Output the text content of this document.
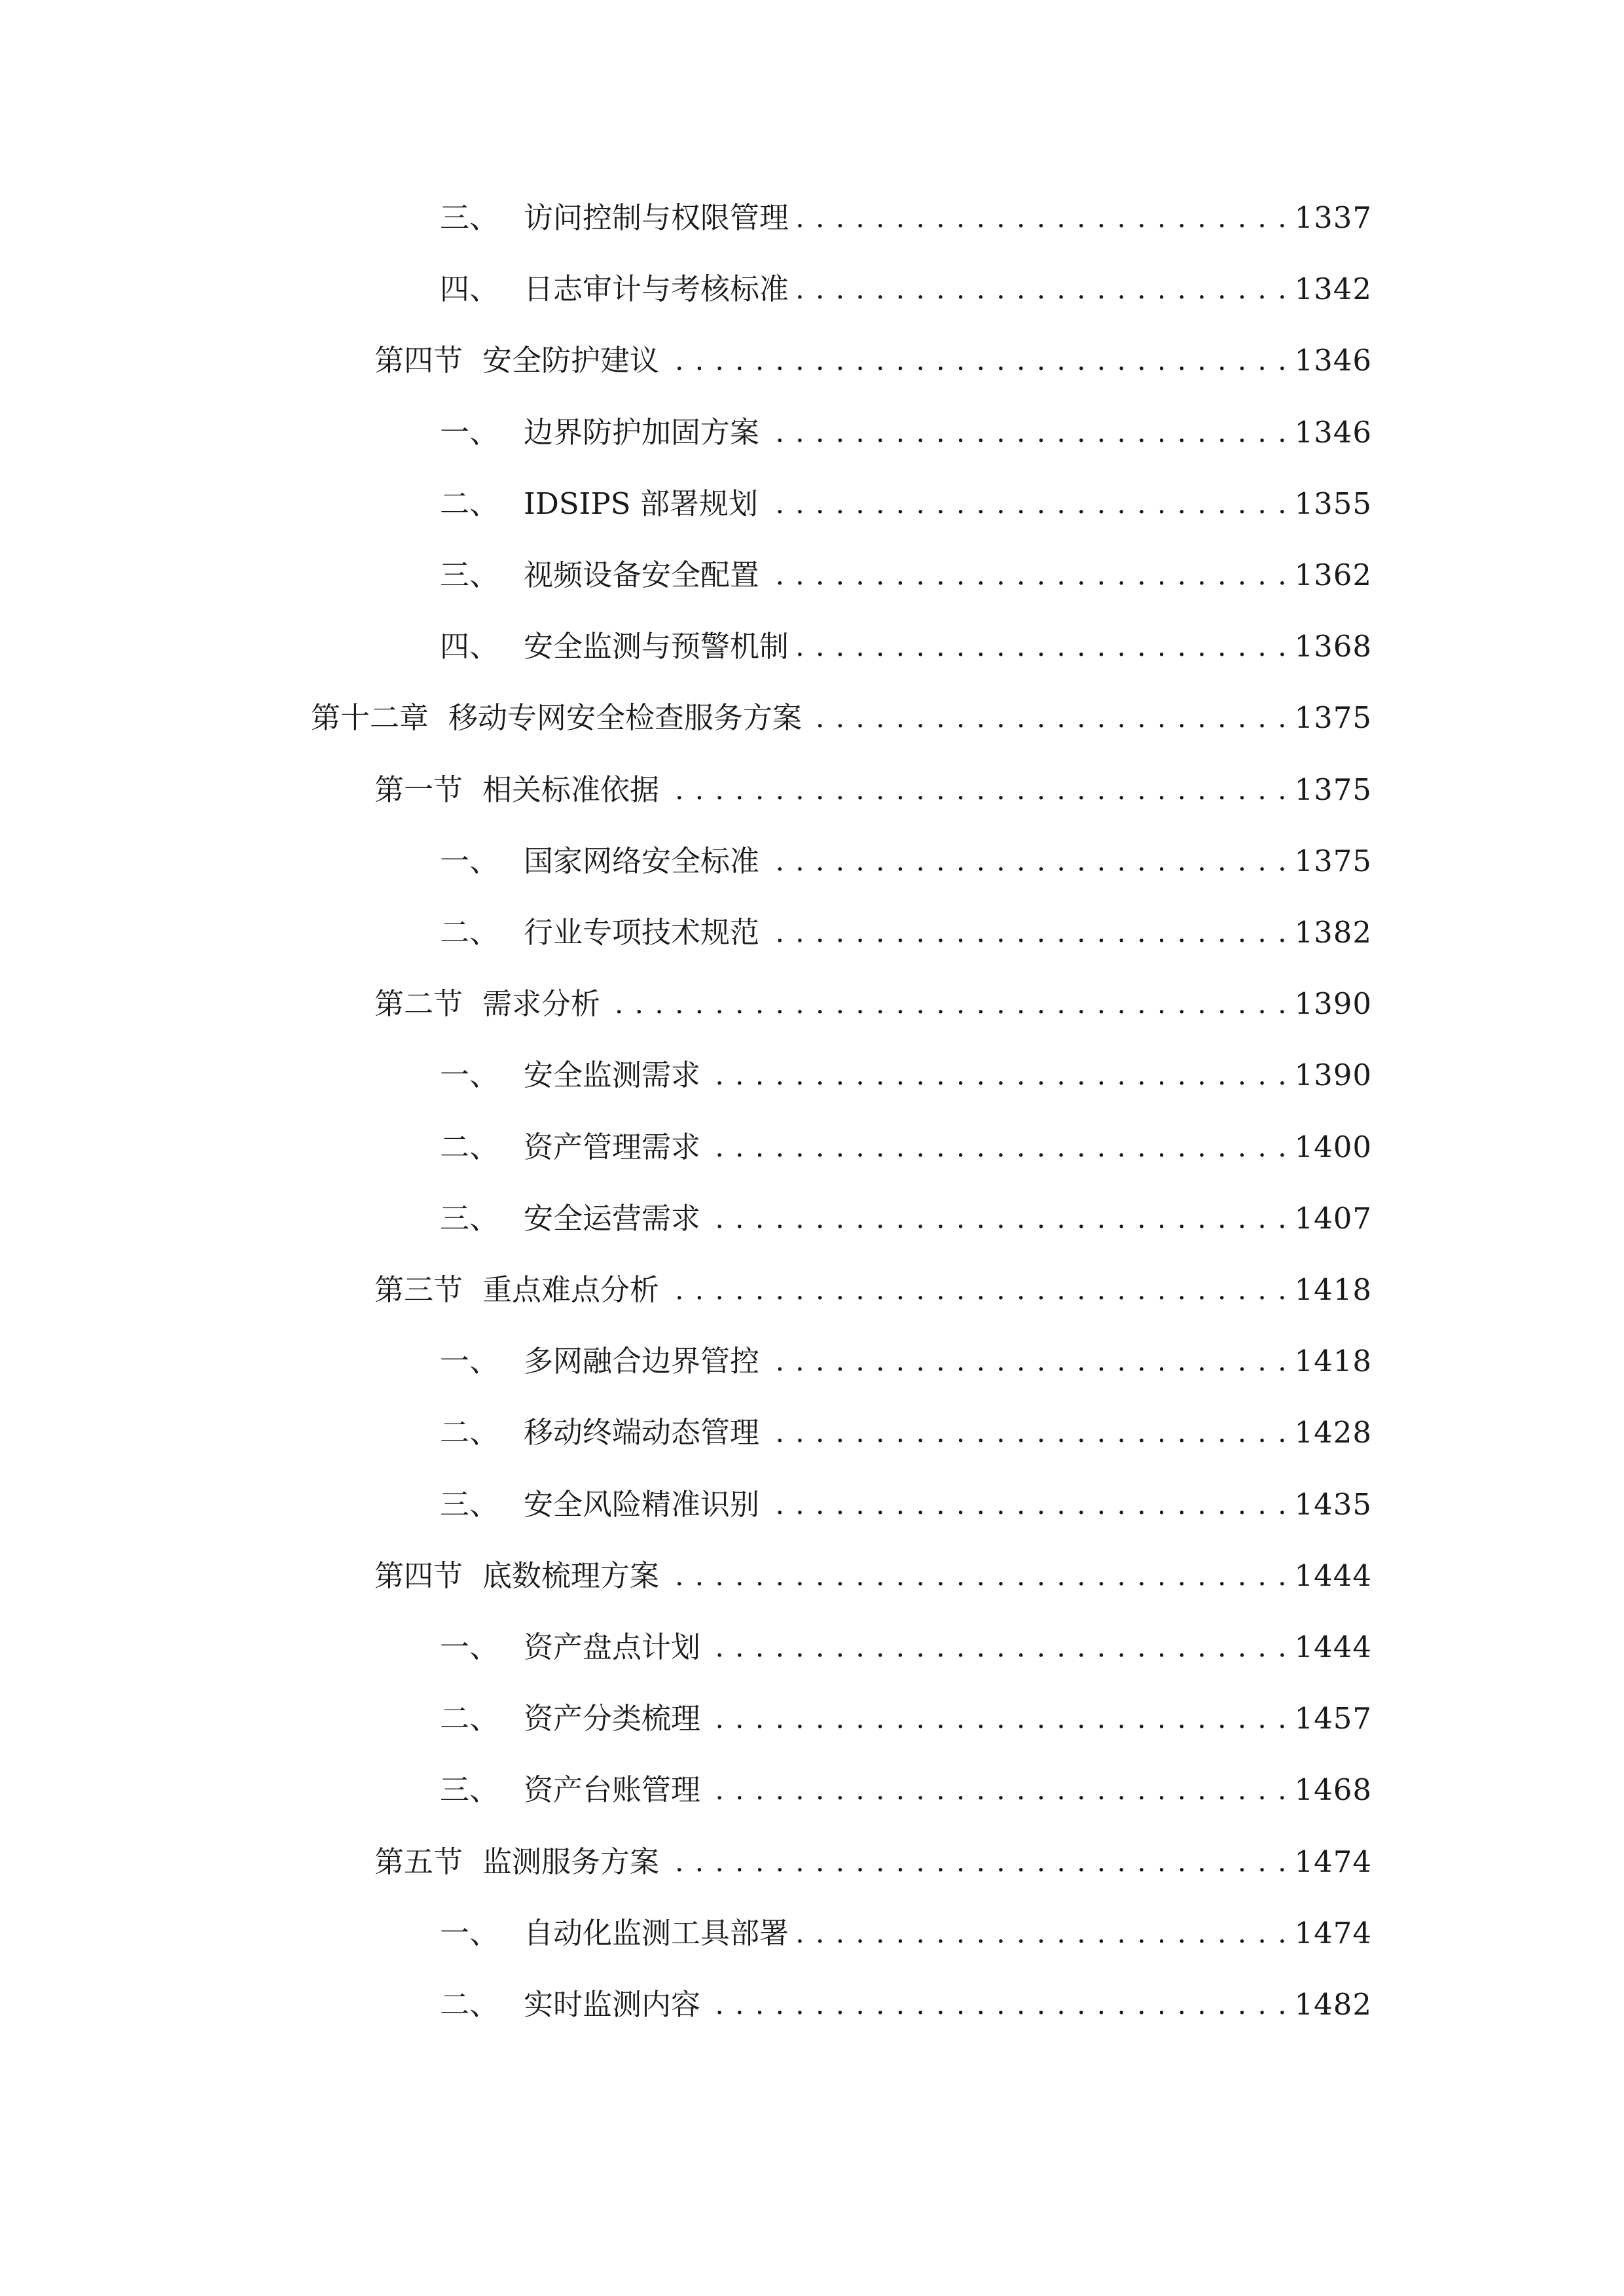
三、 访问控制与权限管理 . . .	1337
四、 日志审计与考核标准 . . .	1342
第四节 安全防护建议 . . .	1346
一、 边界防护加固方案 . . .	1346
二、 IDSIPS 部署规划 . . .	1355
三、 视频设备安全配置 . . .	1362
四、 安全监测与预警机制 . . .	1368
第十二章 移动专网安全检查服务方案 . . .	1375
第一节 相关标准依据 . . .	1375
一、 国家网络安全标准 . . .	1375
二、 行业专项技术规范 . . .	1382
第二节 需求分析 . . .	1390
一、 安全监测需求 . . .	1390
二、 资产管理需求 . . .	1400
三、 安全运营需求 . . .	1407
第三节 重点难点分析 . . .	1418
一、 多网融合边界管控 . . .	1418
二、 移动终端动态管理 . . .	1428
三、 安全风险精准识别 . . .	1435
第四节 底数梳理方案 . . .	1444
一、 资产盘点计划 . . .	1444
二、 资产分类梳理 . . .	1457
三、 资产台账管理 . . .	1468
第五节 监测服务方案 . . .	1474
一、 自动化监测工具部署 . . .	1474
二、 实时监测内容 . . .	1482
